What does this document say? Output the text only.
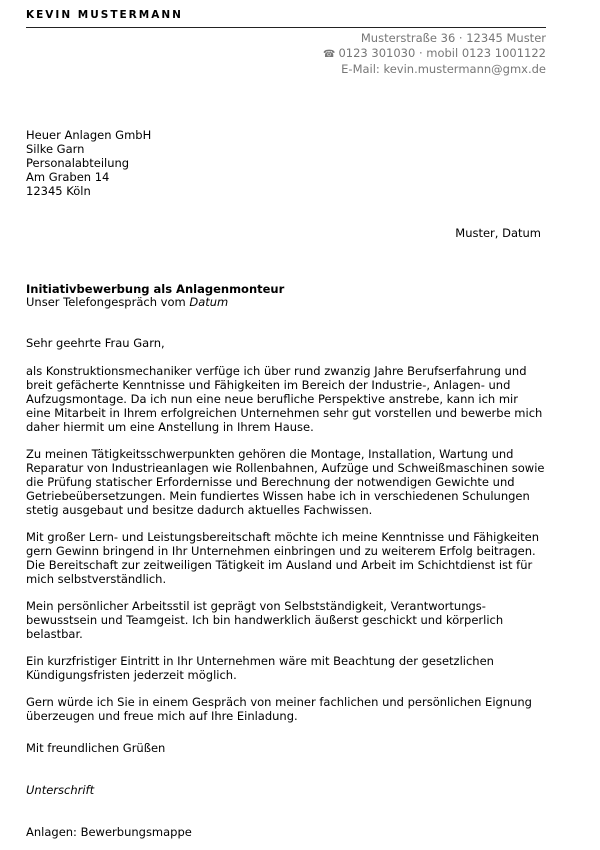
KEVIN MUSTERMANN
Musterstraße 36 · 12345 Muster
☎ 0123 301030 · mobil 0123 1001122
E-Mail: kevin.mustermann@gmx.de
Heuer Anlagen GmbH
Silke Garn
Personalabteilung
Am Graben 14
12345 Köln
Muster, Datum
Initiativbewerbung als Anlagenmonteur
Unser Telefongespräch vom Datum

Sehr geehrte Frau Garn,

als Konstruktionsmechaniker verfüge ich über rund zwanzig Jahre Berufserfahrung und
breit gefächerte Kenntnisse und Fähigkeiten im Bereich der Industrie-, Anlagen- und
Aufzugsmontage. Da ich nun eine neue berufliche Perspektive anstrebe, kann ich mir
eine Mitarbeit in Ihrem erfolgreichen Unternehmen sehr gut vorstellen und bewerbe mich
daher hiermit um eine Anstellung in Ihrem Hause.

Zu meinen Tätigkeitsschwerpunkten gehören die Montage, Installation, Wartung und
Reparatur von Industrieanlagen wie Rollenbahnen, Aufzüge und Schweißmaschinen sowie
die Prüfung statischer Erfordernisse und Berechnung der notwendigen Gewichte und
Getriebeübersetzungen. Mein fundiertes Wissen habe ich in verschiedenen Schulungen
stetig ausgebaut und besitze dadurch aktuelles Fachwissen.

Mit großer Lern- und Leistungsbereitschaft möchte ich meine Kenntnisse und Fähigkeiten
gern Gewinn bringend in Ihr Unternehmen einbringen und zu weiterem Erfolg beitragen.
Die Bereitschaft zur zeitweiligen Tätigkeit im Ausland und Arbeit im Schichtdienst ist für
mich selbstverständlich.

Mein persönlicher Arbeitsstil ist geprägt von Selbstständigkeit, Verantwortungs-
bewusstsein und Teamgeist. Ich bin handwerklich äußerst geschickt und körperlich
belastbar.

Ein kurzfristiger Eintritt in Ihr Unternehmen wäre mit Beachtung der gesetzlichen
Kündigungsfristen jederzeit möglich.

Gern würde ich Sie in einem Gespräch von meiner fachlichen und persönlichen Eignung
überzeugen und freue mich auf Ihre Einladung.

Mit freundlichen Grüßen
Unterschrift
Anlagen: Bewerbungsmappe
